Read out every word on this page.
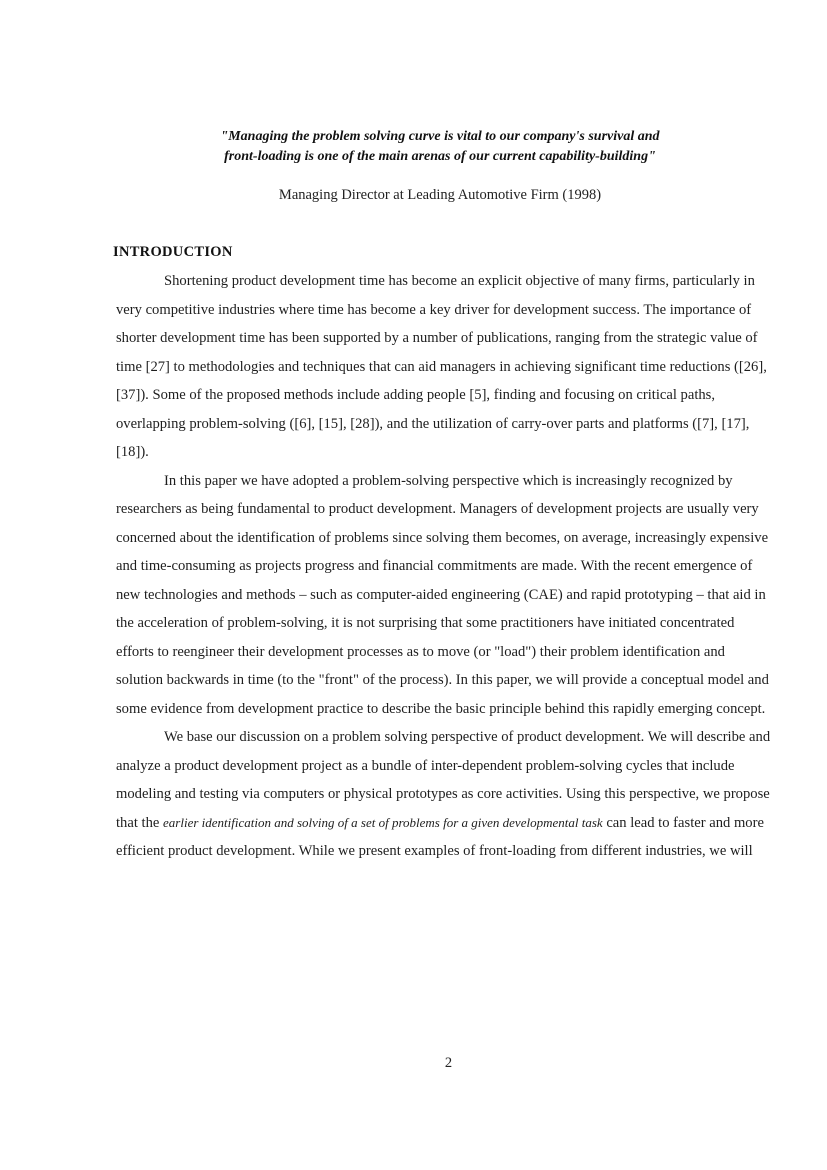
"Managing the problem solving curve is vital to our company's survival and
front-loading is one of the main arenas of our current capability-building"
Managing Director at Leading Automotive Firm (1998)
INTRODUCTION

Shortening product development time has become an explicit objective of many firms, particularly in very competitive industries where time has become a key driver for development success. The importance of shorter development time has been supported by a number of publications, ranging from the strategic value of time [27] to methodologies and techniques that can aid managers in achieving significant time reductions ([26], [37]). Some of the proposed methods include adding people [5], finding and focusing on critical paths, overlapping problem-solving ([6], [15], [28]), and the utilization of carry-over parts and platforms ([7], [17], [18]).

In this paper we have adopted a problem-solving perspective which is increasingly recognized by researchers as being fundamental to product development. Managers of development projects are usually very concerned about the identification of problems since solving them becomes, on average, increasingly expensive and time-consuming as projects progress and financial commitments are made. With the recent emergence of new technologies and methods – such as computer-aided engineering (CAE) and rapid prototyping – that aid in the acceleration of problem-solving, it is not surprising that some practitioners have initiated concentrated efforts to reengineer their development processes as to move (or "load") their problem identification and solution backwards in time (to the "front" of the process). In this paper, we will provide a conceptual model and some evidence from development practice to describe the basic principle behind this rapidly emerging concept.

We base our discussion on a problem solving perspective of product development. We will describe and analyze a product development project as a bundle of inter-dependent problem-solving cycles that include modeling and testing via computers or physical prototypes as core activities. Using this perspective, we propose that the earlier identification and solving of a set of problems for a given developmental task can lead to faster and more efficient product development. While we present examples of front-loading from different industries, we will

2
